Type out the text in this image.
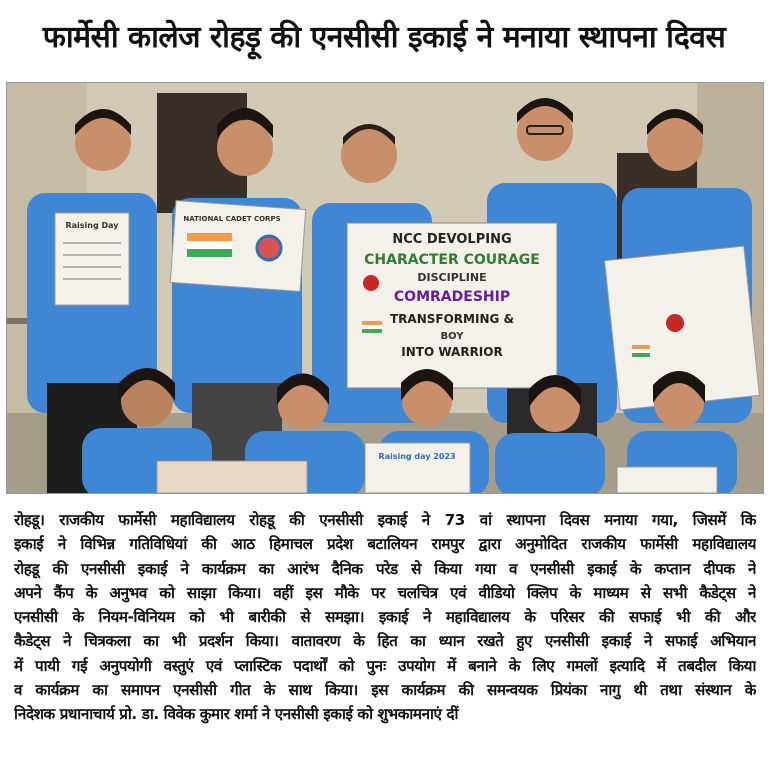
फार्मेसी कालेज रोहड़ू की एनसीसी इकाई ने मनाया स्थापना दिवस
Raising Day
NATIONAL CADET CORPS
NCC DEVOLPING
CHARACTER COURAGE
DISCIPLINE
COMRADESHIP
TRANSFORMING &
BOY
INTO WARRIOR
Raising day 2023
रोहडू। राजकीय फार्मेसी महाविद्यालय रोहडू की एनसीसी इकाई ने 73 वां स्थापना दिवस मनाया गया, जिसमें कि
इकाई ने विभिन्न गतिविधियां की आठ हिमाचल प्रदेश बटालियन रामपुर द्वारा अनुमोदित राजकीय फार्मेसी महाविद्यालय
रोहडू की एनसीसी इकाई ने कार्यक्रम का आरंभ दैनिक परेड से किया गया व एनसीसी इकाई के कप्तान दीपक ने
अपने कैंप के अनुभव को साझा किया। वहीं इस मौके पर चलचित्र एवं वीडियो क्लिप के माध्यम से सभी कैडेट्स ने
एनसीसी के नियम-विनियम को भी बारीकी से समझा। इकाई ने महाविद्यालय के परिसर की सफाई भी की और
कैडेट्स ने चित्रकला का भी प्रदर्शन किया। वातावरण के हित का ध्यान रखते हुए एनसीसी इकाई ने सफाई अभियान
में पायी गई अनुपयोगी वस्तुएं एवं प्लास्टिक पदार्थों को पुनः उपयोग में बनाने के लिए गमलों इत्यादि में तबदील किया
व कार्यक्रम का समापन एनसीसी गीत के साथ किया। इस कार्यक्रम की समन्वयक प्रियंका नागु थी तथा संस्थान के
निदेशक प्रधानाचार्य प्रो. डा. विवेक कुमार शर्मा ने एनसीसी इकाई को शुभकामनाएं दीं
